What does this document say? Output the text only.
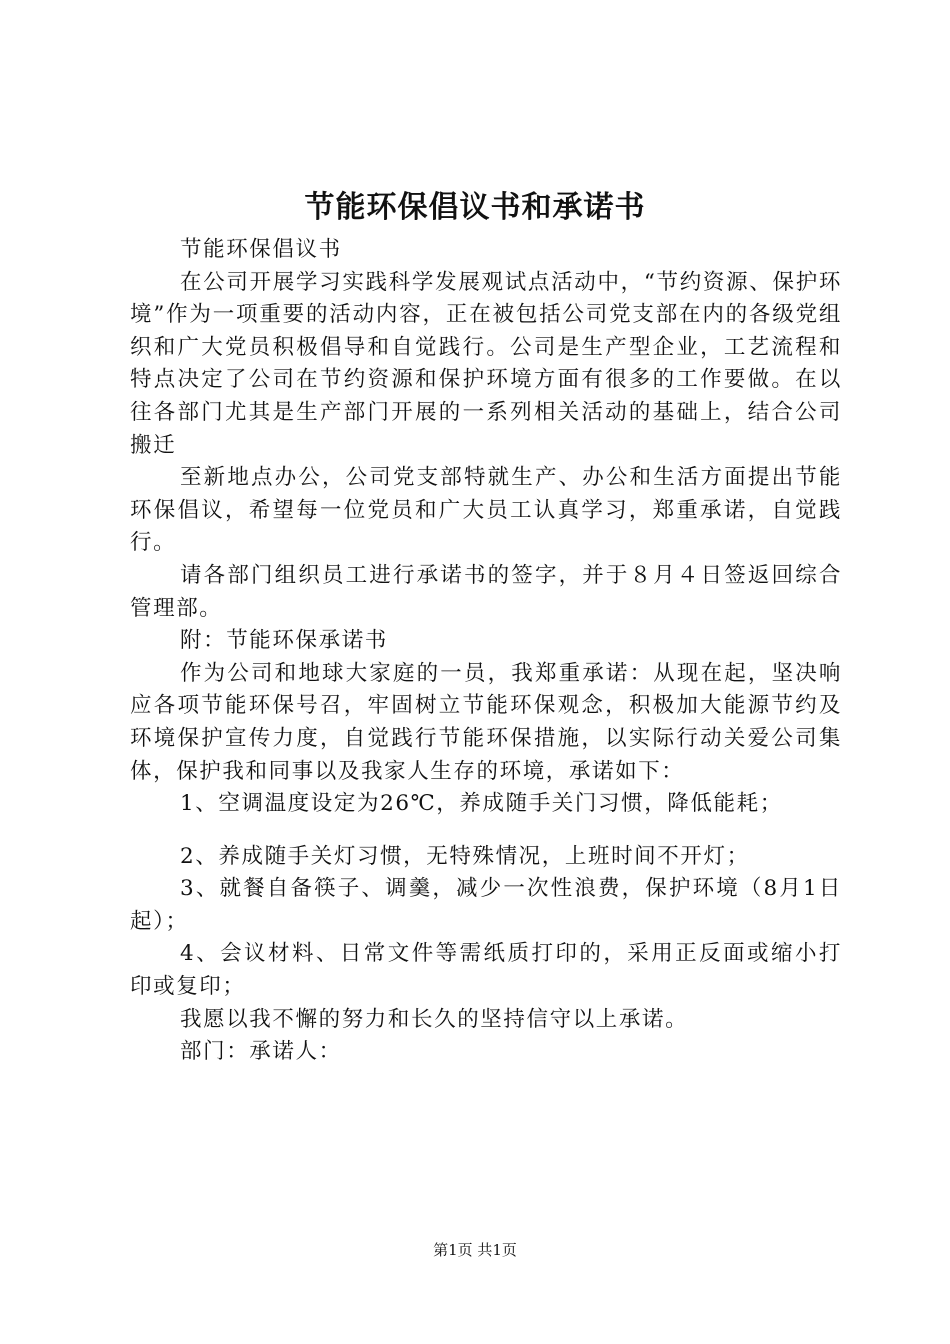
节能环保倡议书和承诺书

节能环保倡议书

在公司开展学习实践科学发展观试点活动中，“节约资源、保护环境”作为一项重要的活动内容，正在被包括公司党支部在内的各级党组织和广大党员积极倡导和自觉践行。公司是生产型企业，工艺流程和特点决定了公司在节约资源和保护环境方面有很多的工作要做。在以往各部门尤其是生产部门开展的一系列相关活动的基础上，结合公司搬迁

至新地点办公，公司党支部特就生产、办公和生活方面提出节能环保倡议，希望每一位党员和广大员工认真学习，郑重承诺，自觉践行。

请各部门组织员工进行承诺书的签字，并于８月４日签返回综合管理部。

附：节能环保承诺书

作为公司和地球大家庭的一员，我郑重承诺：从现在起，坚决响应各项节能环保号召，牢固树立节能环保观念，积极加大能源节约及环境保护宣传力度，自觉践行节能环保措施，以实际行动关爱公司集体，保护我和同事以及我家人生存的环境，承诺如下：

1、空调温度设定为26℃，养成随手关门习惯，降低能耗；

2、养成随手关灯习惯，无特殊情况，上班时间不开灯；

3、就餐自备筷子、调羹，减少一次性浪费，保护环境（8月1日起）；

4、会议材料、日常文件等需纸质打印的，采用正反面或缩小打印或复印；

我愿以我不懈的努力和长久的坚持信守以上承诺。

部门：承诺人：

第1页 共1页
